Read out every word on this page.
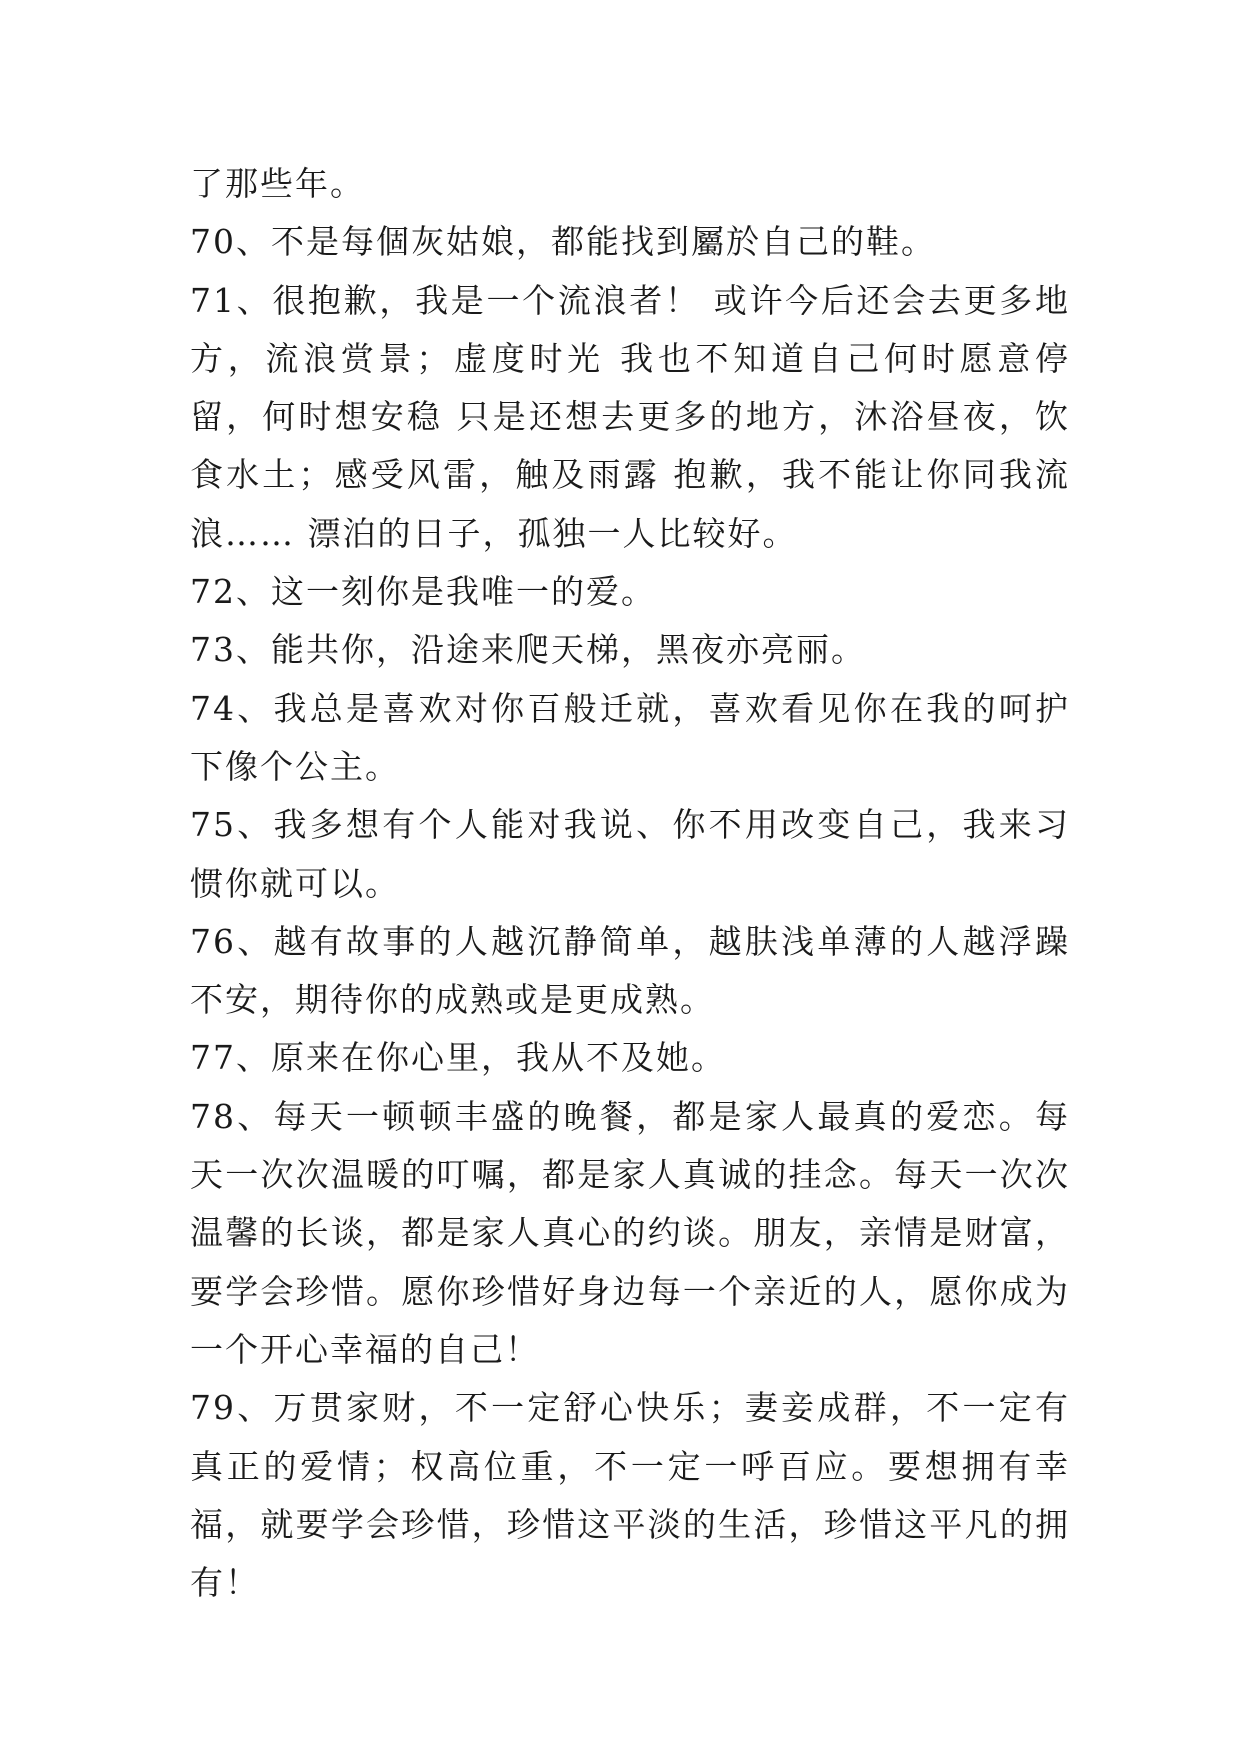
了那些年。

70、不是每個灰姑娘，都能找到屬於自己的鞋。

71、很抱歉，我是一个流浪者！ 或许今后还会去更多地方，流浪赏景；虚度时光 我也不知道自己何时愿意停留，何时想安稳 只是还想去更多的地方，沐浴昼夜，饮食水土；感受风雷，触及雨露 抱歉，我不能让你同我流浪…… 漂泊的日子，孤独一人比较好。

72、这一刻你是我唯一的爱。

73、能共你，沿途来爬天梯，黑夜亦亮丽。

74、我总是喜欢对你百般迁就，喜欢看见你在我的呵护下像个公主。

75、我多想有个人能对我说、你不用改变自己，我来习惯你就可以。

76、越有故事的人越沉静简单，越肤浅单薄的人越浮躁不安，期待你的成熟或是更成熟。

77、原来在你心里，我从不及她。

78、每天一顿顿丰盛的晚餐，都是家人最真的爱恋。每天一次次温暖的叮嘱，都是家人真诚的挂念。每天一次次温馨的长谈，都是家人真心的约谈。朋友，亲情是财富，要学会珍惜。愿你珍惜好身边每一个亲近的人，愿你成为一个开心幸福的自己！

79、万贯家财，不一定舒心快乐；妻妾成群，不一定有真正的爱情；权高位重，不一定一呼百应。要想拥有幸福，就要学会珍惜，珍惜这平淡的生活，珍惜这平凡的拥有！
